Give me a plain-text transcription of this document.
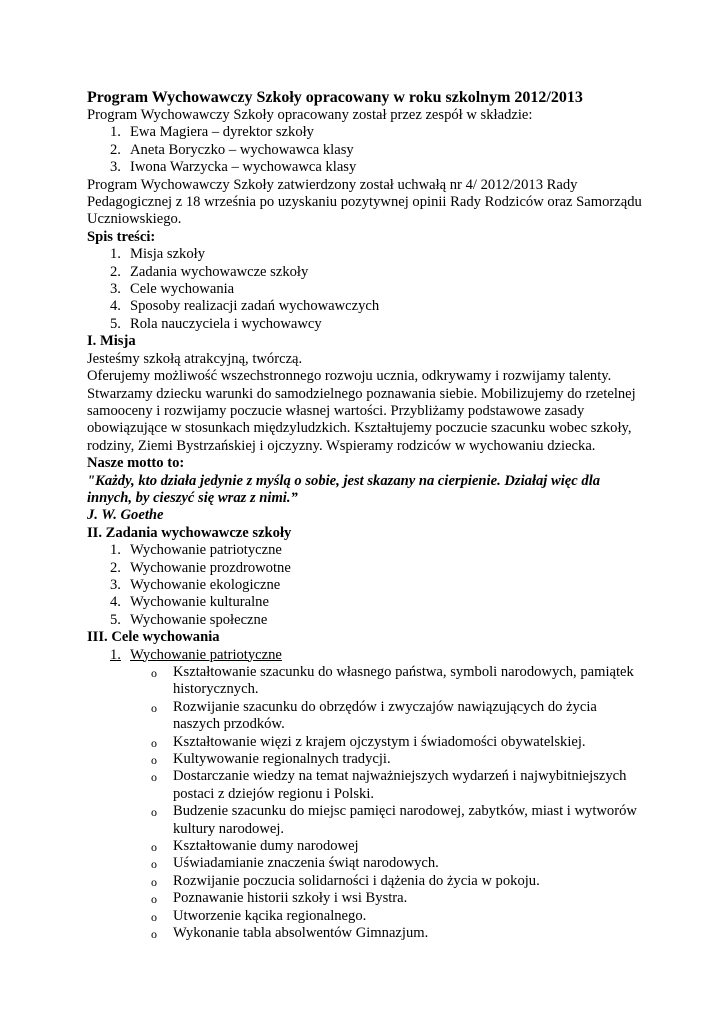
Program Wychowawczy Szkoły opracowany w roku szkolnym 2012/2013

Program Wychowawczy Szkoły opracowany został przez zespół w składzie:

1. Ewa Magiera – dyrektor szkoły
2. Aneta Boryczko – wychowawca klasy
3. Iwona Warzycka – wychowawca klasy

Program Wychowawczy Szkoły zatwierdzony został uchwałą nr 4/ 2012/2013 Rady Pedagogicznej z 18 września po uzyskaniu pozytywnej opinii Rady Rodziców oraz Samorządu Uczniowskiego.

Spis treści:

1. Misja szkoły
2. Zadania wychowawcze szkoły
3. Cele wychowania
4. Sposoby realizacji zadań wychowawczych
5. Rola nauczyciela i wychowawcy

I. Misja

Jesteśmy szkołą atrakcyjną, twórczą.

Oferujemy możliwość wszechstronnego rozwoju ucznia, odkrywamy i rozwijamy talenty. Stwarzamy dziecku warunki do samodzielnego poznawania siebie. Mobilizujemy do rzetelnej samooceny i rozwijamy poczucie własnej wartości. Przybliżamy podstawowe zasady obowiązujące w stosunkach międzyludzkich. Kształtujemy poczucie szacunku wobec szkoły, rodziny, Ziemi Bystrzańskiej i ojczyzny. Wspieramy rodziców w wychowaniu dziecka.

Nasze motto to:

"Każdy, kto działa jedynie z myślą o sobie, jest skazany na cierpienie. Działaj więc dla innych, by cieszyć się wraz z nimi.”

J. W. Goethe

II. Zadania wychowawcze szkoły

1. Wychowanie patriotyczne
2. Wychowanie prozdrowotne
3. Wychowanie ekologiczne
4. Wychowanie kulturalne
5. Wychowanie społeczne

III. Cele wychowania

1. Wychowanie patriotyczne
o Kształtowanie szacunku do własnego państwa, symboli narodowych, pamiątek historycznych.
o Rozwijanie szacunku do obrzędów i zwyczajów nawiązujących do życia naszych przodków.
o Kształtowanie więzi z krajem ojczystym i świadomości obywatelskiej.
o Kultywowanie regionalnych tradycji.
o Dostarczanie wiedzy na temat najważniejszych wydarzeń i najwybitniejszych postaci z dziejów regionu i Polski.
o Budzenie szacunku do miejsc pamięci narodowej, zabytków, miast i wytworów kultury narodowej.
o Kształtowanie dumy narodowej
o Uświadamianie znaczenia świąt narodowych.
o Rozwijanie poczucia solidarności i dążenia do życia w pokoju.
o Poznawanie historii szkoły i wsi Bystra.
o Utworzenie kącika regionalnego.
o Wykonanie tabla absolwentów Gimnazjum.
